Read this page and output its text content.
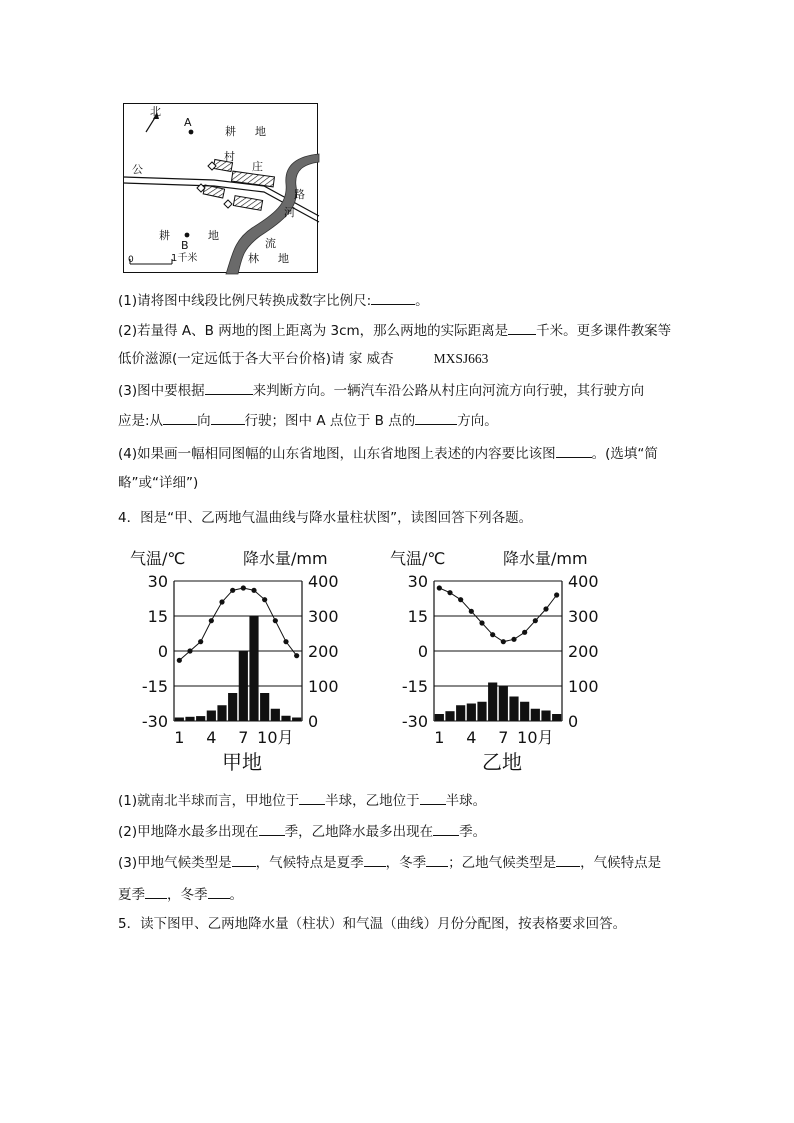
北
A
耕 地
村
庄
公
路
河
流
耕	地
B
林 地
0	1千米
(1)请将图中线段比例尺转换成数字比例尺:	。
(2)若量得 A、B 两地的图上距离为 3cm，那么两地的实际距离是 千米。更多课件教案等
低价滋源(一定远低于各大平台价格)请 家 威杏	MXSJ663
(3)图中要根据	来判断方向。一辆汽车沿公路从村庄向河流方向行驶，其行驶方向
应是:从	向	行驶；图中 A 点位于 B 点的	方向。
(4)如果画一幅相同图幅的山东省地图，山东省地图上表述的内容要比该图	。(选填“简
略”或“详细”)
4．图是“甲、乙两地气温曲线与降水量柱状图”，读图回答下列各题。
气温/℃	降水量/mm
30	400
15	300
0	200
-15	100
-30	0
1 4 7 10月
甲地
气温/℃	降水量/mm
30	400
15	300
0	200
-15	100
-30	0
1 4 7 10月
乙地
(1)就南北半球而言，甲地位于 半球，乙地位于 半球。
(2)甲地降水最多出现在 季，乙地降水最多出现在 季。
(3)甲地气候类型是 ，气候特点是夏季 ，冬季 ；乙地气候类型是 ，气候特点是
夏季 ，冬季 。
5．读下图甲、乙两地降水量（柱状）和气温（曲线）月份分配图，按表格要求回答。
